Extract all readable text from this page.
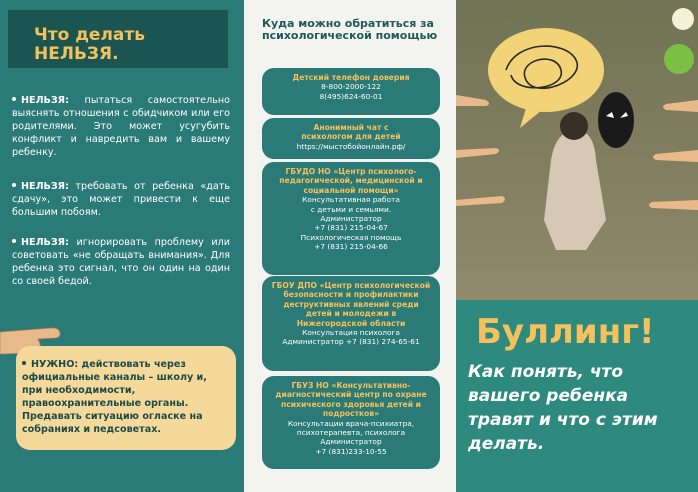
Что делать

НЕЛЬЗЯ.
НЕЛЬЗЯ: пытаться самостоятельно выяснять отношения с обидчиком или его родителями. Это может усугубить конфликт и навредить вам и вашему ребенку.
НЕЛЬЗЯ: требовать от ребенка «дать сдачу», это может привести к еще большим побоям.
НЕЛЬЗЯ: игнорировать проблему или советовать «не обращать внимания». Для ребенка это сигнал, что он один на один со своей бедой.
НУЖНО: действовать через официальные каналы – школу и, при необходимости, правоохранительные органы. Предавать ситуацию огласке на собраниях и педсоветах.
Куда можно обратиться за психологической помощью
Детский телефон доверия
8-800-2000-122
8(495)624-60-01
Анонимный чат с психологом для детей
https://мыстобойонлайн.рф/
ГБУДО НО «Центр психолого-педагогической, медицинской и социальной помощи»
Консультативная работа
с детьми и семьями.
Администратор
+7 (831) 215-04-67
Психологическая помощь
+7 (831) 215-04-66
ГБОУ ДПО «Центр психологической безопасности и профилактики деструктивных явлений среди детей и молодежи в Нижегородской области
Консультация психолога
Администратор +7 (831) 274-65-61
ГБУЗ НО «Консультативно-диагностический центр по охране психического здоровья детей и подростков»
Консультации врача-психиатра,
психотерапевта, психолога
Администратор
+7 (831)233-10-55
Буллинг!
Как понять, что вашего ребенка травят и что с этим делать.
